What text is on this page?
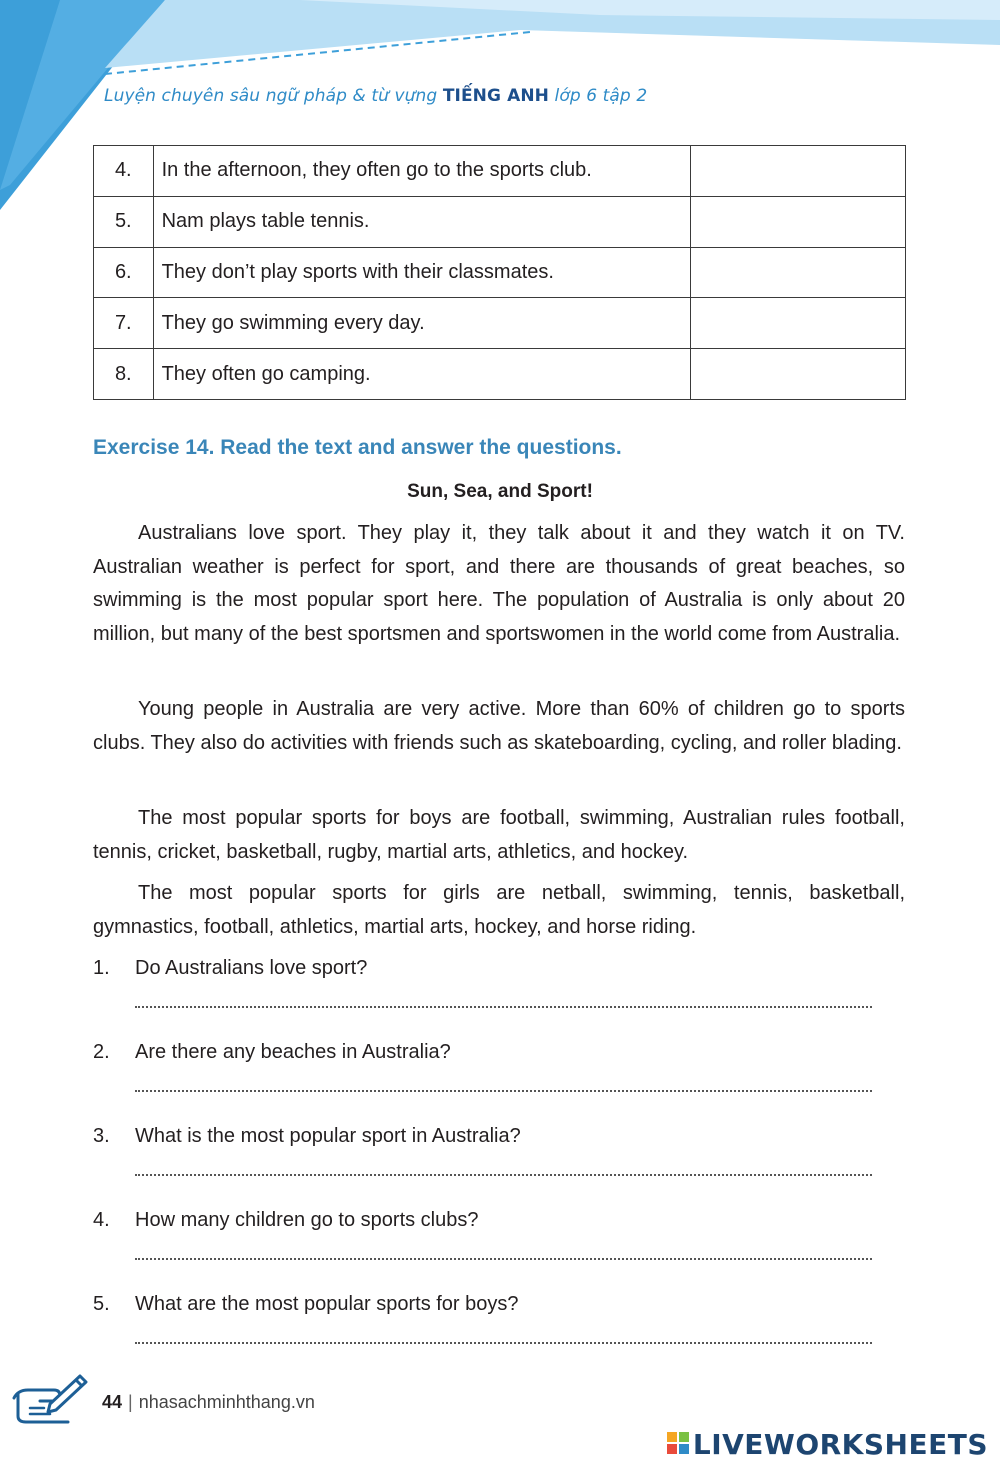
Luyện chuyên sâu ngữ pháp & từ vựng TIẾNG ANH lớp 6 tập 2
4.	In the afternoon, they often go to the sports club.	
5.	Nam plays table tennis.	
6.	They don’t play sports with their classmates.	
7.	They go swimming every day.	
8.	They often go camping.	
Exercise 14. Read the text and answer the questions.
Sun, Sea, and Sport!

Australians love sport. They play it, they talk about it and they watch it on TV. Australian weather is perfect for sport, and there are thousands of great beaches, so swimming is the most popular sport here. The population of Australia is only about 20 million, but many of the best sportsmen and sportswomen in the world come from Australia.

Young people in Australia are very active. More than 60% of children go to sports clubs. They also do activities with friends such as skateboarding, cycling, and roller blading.

The most popular sports for boys are football, swimming, Australian rules football, tennis, cricket, basketball, rugby, martial arts, athletics, and hockey.

The most popular sports for girls are netball, swimming, tennis, basketball, gymnastics, football, athletics, martial arts, hockey, and horse riding.

1. Do Australians love sport?
2. Are there any beaches in Australia?
3. What is the most popular sport in Australia?
4. How many children go to sports clubs?
5. What are the most popular sports for boys?
44 | nhasachminhthang.vn
LIVEWORKSHEETS
